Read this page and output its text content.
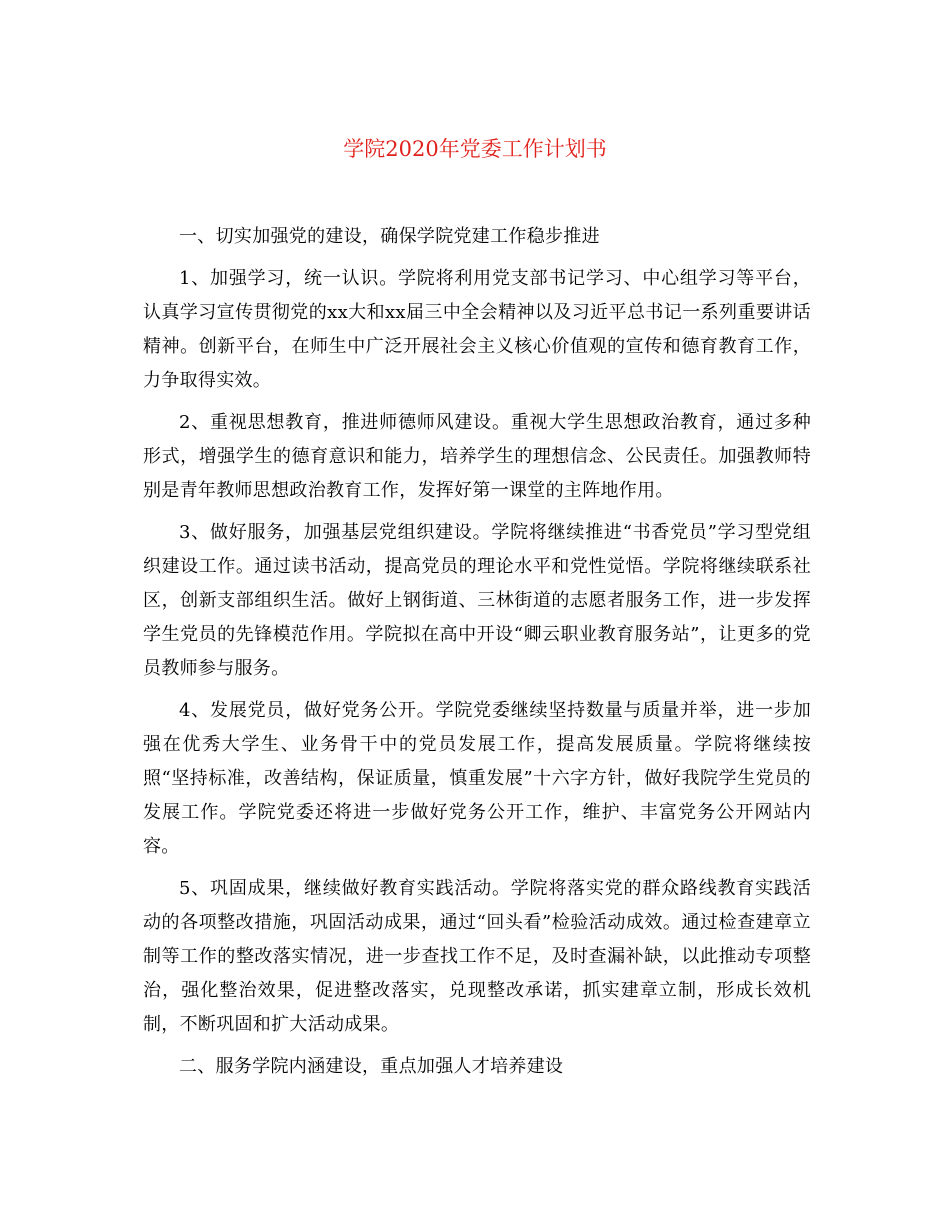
学院2020年党委工作计划书

一、切实加强党的建设，确保学院党建工作稳步推进

1、加强学习，统一认识。学院将利用党支部书记学习、中心组学习等平台，认真学习宣传贯彻党的xx大和xx届三中全会精神以及习近平总书记一系列重要讲话精神。创新平台，在师生中广泛开展社会主义核心价值观的宣传和德育教育工作，力争取得实效。

2、重视思想教育，推进师德师风建设。重视大学生思想政治教育，通过多种形式，增强学生的德育意识和能力，培养学生的理想信念、公民责任。加强教师特别是青年教师思想政治教育工作，发挥好第一课堂的主阵地作用。

3、做好服务，加强基层党组织建设。学院将继续推进“书香党员”学习型党组织建设工作。通过读书活动，提高党员的理论水平和党性觉悟。学院将继续联系社区，创新支部组织生活。做好上钢街道、三林街道的志愿者服务工作，进一步发挥学生党员的先锋模范作用。学院拟在高中开设“卿云职业教育服务站”，让更多的党员教师参与服务。

4、发展党员，做好党务公开。学院党委继续坚持数量与质量并举，进一步加强在优秀大学生、业务骨干中的党员发展工作，提高发展质量。学院将继续按照“坚持标准，改善结构，保证质量，慎重发展”十六字方针，做好我院学生党员的发展工作。学院党委还将进一步做好党务公开工作，维护、丰富党务公开网站内容。

5、巩固成果，继续做好教育实践活动。学院将落实党的群众路线教育实践活动的各项整改措施，巩固活动成果，通过“回头看”检验活动成效。通过检查建章立制等工作的整改落实情况，进一步查找工作不足，及时查漏补缺，以此推动专项整治，强化整治效果，促进整改落实，兑现整改承诺，抓实建章立制，形成长效机制，不断巩固和扩大活动成果。

二、服务学院内涵建设，重点加强人才培养建设
